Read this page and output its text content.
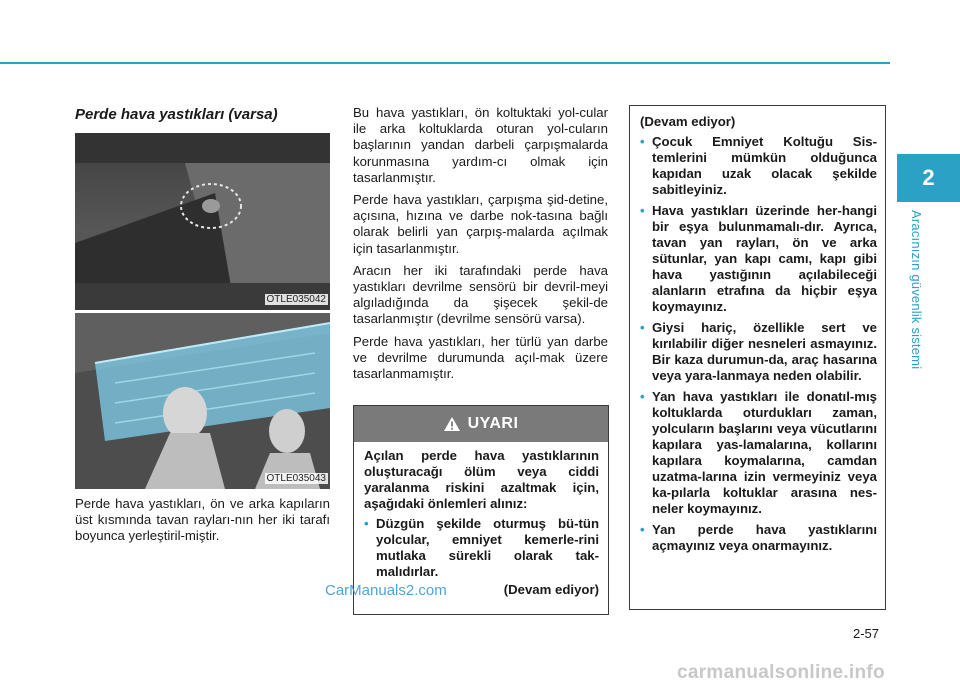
2
Aracınızın güvenlik sistemi
Perde hava yastıkları (varsa)
OTLE035042
OTLE035043

Perde hava yastıkları, ön ve arka kapıların üst kısmında tavan rayları-nın her iki tarafı boyunca yerleştiril-miştir.

Bu hava yastıkları, ön koltuktaki yol-cular ile arka koltuklarda oturan yol-cuların başlarının yandan darbeli çarpışmalarda korunmasına yardım-cı olmak için tasarlanmıştır.

Perde hava yastıkları, çarpışma şid-detine, açısına, hızına ve darbe nok-tasına bağlı olarak belirli yan çarpış-malarda açılmak için tasarlanmıştır.

Aracın her iki tarafındaki perde hava yastıkları devrilme sensörü bir devril-meyi algıladığında da şişecek şekil-de tasarlanmıştır (devrilme sensörü varsa).

Perde hava yastıkları, her türlü yan darbe ve devrilme durumunda açıl-mak üzere tasarlanmamıştır.

UYARI

Açılan perde hava yastıklarının oluşturacağı ölüm veya ciddi yaralanma riskini azaltmak için, aşağıdaki önlemleri alınız:

• Düzgün şekilde oturmuş bü-tün yolcular, emniyet kemerle-rini mutlaka sürekli olarak tak-malıdırlar.

(Devam ediyor)

(Devam ediyor)

• Çocuk Emniyet Koltuğu Sis-temlerini mümkün olduğunca kapıdan uzak olacak şekilde sabitleyiniz.
• Hava yastıkları üzerinde her-hangi bir eşya bulunmamalı-dır. Ayrıca, tavan yan rayları, ön ve arka sütunlar, yan kapı camı, kapı gibi hava yastığının açılabileceği alanların etrafına da hiçbir eşya koymayınız.
• Giysi hariç, özellikle sert ve kırılabilir diğer nesneleri asmayınız. Bir kaza durumun-da, araç hasarına veya yara-lanmaya neden olabilir.
• Yan hava yastıkları ile donatıl-mış koltuklarda oturdukları zaman, yolcuların başlarını veya vücutlarını kapılara yas-lamalarına, kollarını kapılara koymalarına, camdan uzatma-larına izin vermeyiniz veya ka-pılarla koltuklar arasına nes-neler koymayınız.
• Yan perde hava yastıklarını açmayınız veya onarmayınız.
CarManuals2.com
2-57
carmanualsonline.info
